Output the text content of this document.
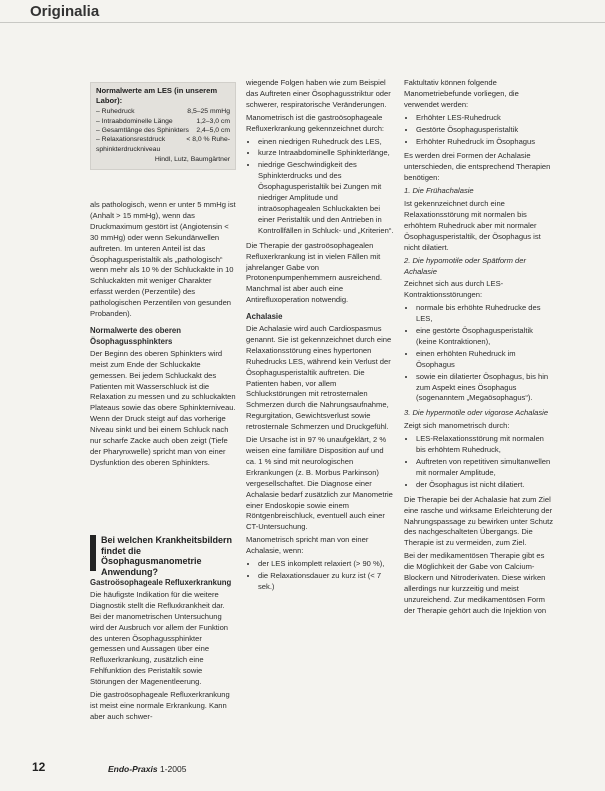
Originalia
Normalwerte am LES (in unserem Labor):
– Ruhedruck	8,5–25 mmHg
– Intraabdominelle Länge	1,2–3,0 cm
– Gesamtlänge des Sphinkters 2,4–5,0 cm
– Relaxationsrestdruck	< 8,0 % Ruhe-
sphinkterdruckniveau
Hindl, Lutz, Baumgärtner

als pathologisch, wenn er unter 5 mmHg ist (Anhalt > 15 mmHg), wenn das Druckmaximum gestört ist (Angiotensin < 30 mmHg) oder wenn Sekundärwellen auftreten. Im unteren Anteil ist das Ösophagusperistaltik als „pathologisch“ wenn mehr als 10 % der Schluckakte in 10 Schluckakten mit weniger Charakter erfasst werden (Perzentile) des pathologischen Perzentilen von gesunden Probanden).

Normalwerte des oberen Ösophagussphinkters

Der Beginn des oberen Sphinkters wird meist zum Ende der Schluckakte gemessen. Bei jedem Schluckakt des Patienten mit Wasserschluck ist die Relaxation zu messen und zu schluckakten Plateaus sowie das obere Sphinkterniveau. Wenn der Druck steigt auf das vorherige Niveau sinkt und bei einem Schluck nach nur scharfe Zacke auch oben zeigt (Tiefe der Pharynxwelle) spricht man von einer Dysfunktion des oberen Sphinkters.

Bei welchen Krankheitsbildern findet die Ösophagusmanometrie Anwendung?
Gastroösophageale Refluxerkrankung

Die häufigste Indikation für die weitere Diagnostik stellt die Refluxkrankheit dar. Bei der manometrischen Untersuchung wird der Ausbruch vor allem der Funktion des unteren Ösophagussphinkter gemessen und Aussagen über eine Refluxerkrankung, zusätzlich eine Fehlfunktion des Peristaltik sowie Störungen der Magenentleerung.

Die gastroösophageale Refluxerkrankung ist meist eine normale Erkrankung. Kann aber auch schwer-

wiegende Folgen haben wie zum Beispiel das Auftreten einer Ösophagusstriktur oder schwerer, respiratorische Veränderungen.

Manometrisch ist die gastroösophageale Refluxerkrankung gekennzeichnet durch:

• einen niedrigen Ruhedruck des LES,
• kurze Intraabdominelle Sphinkterlänge,
• niedrige Geschwindigkeit des Sphinkterdrucks und des Ösophagusperistaltik bei Zungen mit niedriger Amplitude und intraösophagealen Schluckakten bei einer Peristaltik und den Antrieben in Kontrollfällen in Schluck- und „Kriterien“.

Die Therapie der gastroösophagealen Refluxerkrankung ist in vielen Fällen mit jahrelanger Gabe von Protonenpumpenhemmern ausreichend. Manchmal ist aber auch eine Antirefluxoperation notwendig.

Achalasie

Die Achalasie wird auch Cardiospasmus genannt. Sie ist gekennzeichnet durch eine Relaxationsstörung eines hypertonen Ruhedrucks LES, während kein Verlust der Ösophagusperistaltik auftreten. Die Patienten haben, vor allem Schluckstörungen mit retrosternalen Schmerzen durch die Nahrungsaufnahme, Regurgitation, Gewichtsverlust sowie retrosternale Schmerzen und Druckgefühl.

Die Ursache ist in 97 % unaufgeklärt, 2 % weisen eine familiäre Disposition auf und ca. 1 % sind mit neurologischen Erkrankungen (z. B. Morbus Parkinson) vergesellschaftet. Die Diagnose einer Achalasie bedarf zusätzlich zur Manometrie einer Endoskopie sowie einem Röntgenbreischluck, eventuell auch einer CT-Untersuchung.

Manometrisch spricht man von einer Achalasie, wenn:

• der LES inkomplett relaxiert (> 90 %),
• die Relaxationsdauer zu kurz ist (< 7 sek.)

Faktultativ können folgende Manometriebefunde vorliegen, die verwendet werden:

• Erhöhter LES-Ruhedruck
• Gestörte Ösophagusperistaltik
• Erhöhter Ruhedruck im Ösophagus

Es werden drei Formen der Achalasie unterschieden, die entsprechend Therapien benötigen:

1. Die Frühachalasie

Ist gekennzeichnet durch eine Relaxationsstörung mit normalen bis erhöhtem Ruhedruck aber mit normaler Ösophagusperistaltik, der Ösophagus ist nicht dilatiert.

2. Die hypomotile oder Spätform der Achalasie

Zeichnet sich aus durch LES-Kontraktionsstörungen:

• normale bis erhöhte Ruhedrucke des LES,
• eine gestörte Ösophagusperistaltik (keine Kontraktionen),
• einen erhöhten Ruhedruck im Ösophagus
• sowie ein dilatierter Ösophagus, bis hin zum Aspekt eines Ösophagus (sogenanntem „Megaösophagus“).

3. Die hypermotile oder vigorose Achalasie

Zeigt sich manometrisch durch:

• LES-Relaxationsstörung mit normalen bis erhöhtem Ruhedruck,
• Auftreten von repetitiven simultanwellen mit normaler Amplitude,
• der Ösophagus ist nicht dilatiert.

Die Therapie bei der Achalasie hat zum Ziel eine rasche und wirksame Erleichterung der Nahrungspassage zu bewirken unter Schutz des nachgeschalteten Übergangs. Die Therapie ist zu vermeiden, zum Ziel.

Bei der medikamentösen Therapie gibt es die Möglichkeit der Gabe von Calcium-Blockern und Nitroderivaten. Diese wirken allerdings nur kurzzeitig und meist unzureichend. Zur medikamentösen Form der Therapie gehört auch die Injektion von

12	Endo-Praxis 1-2005
